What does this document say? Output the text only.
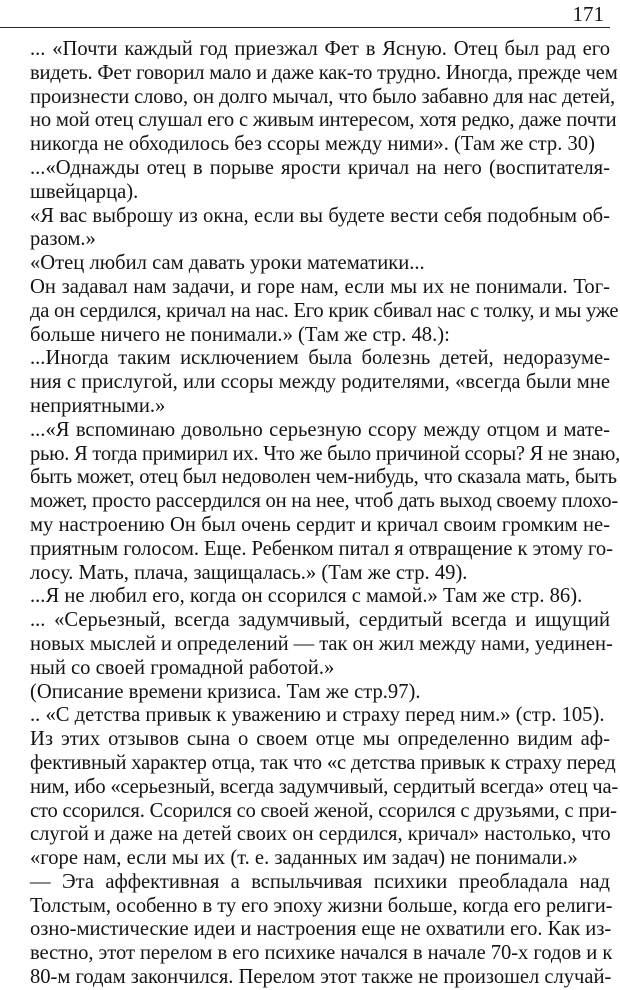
171
... «Почти каждый год приезжал Фет в Ясную. Отец был рад его
видеть. Фет говорил мало и даже как-то трудно. Иногда, прежде чем
произнести слово, он долго мычал, что было забавно для нас детей,
но мой отец слушал его с живым интересом, хотя редко, даже почти
никогда не обходилось без ссоры между ними». (Там же стр. 30)
...«Однажды отец в порыве ярости кричал на него (воспитателя-
швейцарца).
«Я вас выброшу из окна, если вы будете вести себя подобным об-
разом.»
«Отец любил сам давать уроки математики...
Он задавал нам задачи, и горе нам, если мы их не понимали. Тог-
да он сердился, кричал на нас. Его крик сбивал нас с толку, и мы уже
больше ничего не понимали.» (Там же стр. 48.):
...Иногда таким исключением была болезнь детей, недоразуме-
ния с прислугой, или ссоры между родителями, «всегда были мне
неприятными.»
...«Я вспоминаю довольно серьезную ссору между отцом и мате-
рью. Я тогда примирил их. Что же было причиной ссоры? Я не знаю,
быть может, отец был недоволен чем-нибудь, что сказала мать, быть
может, просто рассердился он на нее, чтоб дать выход своему плохо-
му настроению Он был очень сердит и кричал своим громким не-
приятным голосом. Еще. Ребенком питал я отвращение к этому го-
лосу. Мать, плача, защищалась.» (Там же стр. 49).
...Я не любил его, когда он ссорился с мамой.» Там же стр. 86).
... «Серьезный, всегда задумчивый, сердитый всегда и ищущий
новых мыслей и определений — так он жил между нами, уединен-
ный со своей громадной работой.»
(Описание времени кризиса. Там же стр.97).
.. «С детства привык к уважению и страху перед ним.» (стр. 105).
Из этих отзывов сына о своем отце мы определенно видим аф-
фективный характер отца, так что «с детства привык к страху перед
ним, ибо «серьезный, всегда задумчивый, сердитый всегда» отец ча-
сто ссорился. Ссорился со своей женой, ссорился с друзьями, с при-
слугой и даже на детей своих он сердился, кричал» настолько, что
«горе нам, если мы их (т. е. заданных им задач) не понимали.»
— Эта аффективная а вспыльчивая психики преобладала над
Толстым, особенно в ту его эпоху жизни больше, когда его религи-
озно-мистические идеи и настроения еще не охватили его. Как из-
вестно, этот перелом в его психике начался в начале 70-х годов и к
80-м годам закончился. Перелом этот также не произошел случай-
